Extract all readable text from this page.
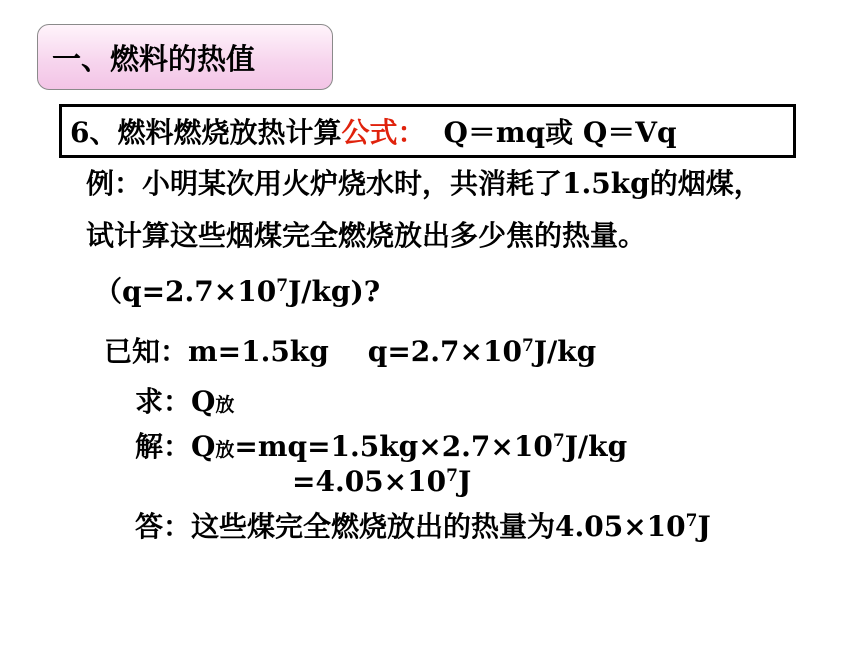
一、燃料的热值
6、燃料燃烧放热计算 公式： Q＝mq或 Q＝Vq
例：小明某次用火炉烧水时，共消耗了1.5kg的烟煤，
试计算这些烟煤完全燃烧放出多少焦的热量。
$(q=2.7\times 10^7J/kg)$?
已知：m=1.5kg    $q=2.7\times 10^7J/kg$
求：Q放
解：Q放$=mq=1.5kg\times 2.7\times 10^7J/kg$
$=4.05\times 10^7J$
答：这些煤完全燃烧放出的热量为$4.05\times 10^7J$
